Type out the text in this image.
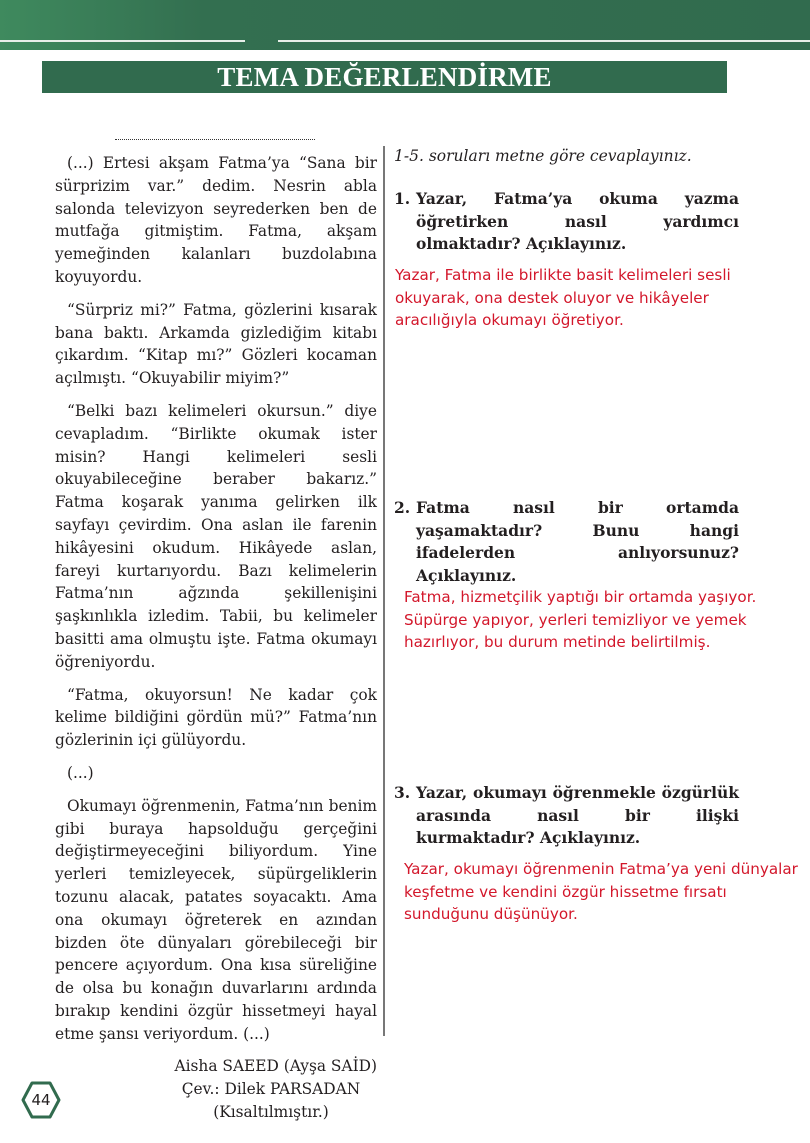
TEMA DEĞERLENDİRME

(...) Ertesi akşam Fatma’ya “Sana bir sürprizim var.” dedim. Nesrin abla salonda televizyon seyrederken ben de mutfağa gitmiştim. Fatma, akşam yemeğinden kalanları buzdolabına koyuyordu.

“Sürpriz mi?” Fatma, gözlerini kısarak bana baktı. Arkamda gizlediğim kitabı çıkardım. “Kitap mı?” Gözleri kocaman açılmıştı. “Okuyabilir miyim?”

“Belki bazı kelimeleri okursun.” diye cevapladım. “Birlikte okumak ister misin? Hangi kelimeleri sesli okuyabileceğine beraber bakarız.” Fatma koşarak yanıma gelirken ilk sayfayı çevirdim. Ona aslan ile farenin hikâyesini okudum. Hikâyede aslan, fareyi kurtarıyordu. Bazı kelimelerin Fatma’nın ağzında şekillenişini şaşkınlıkla izledim. Tabii, bu kelimeler basitti ama olmuştu işte. Fatma okumayı öğreniyordu.

“Fatma, okuyorsun! Ne kadar çok kelime bildiğini gördün mü?” Fatma’nın gözlerinin içi gülüyordu.

(...)

Okumayı öğrenmenin, Fatma’nın benim gibi buraya hapsolduğu gerçeğini değiştirmeyeceğini biliyordum. Yine yerleri temizleyecek, süpürgeliklerin tozunu alacak, patates soyacaktı. Ama ona okumayı öğreterek en azından bizden öte dünyaları görebileceği bir pencere açıyordum. Ona kısa süreliğine de olsa bu konağın duvarlarını ardında bırakıp kendini özgür hissetmeyi hayal etme şansı veriyordum. (...)

Aisha SAEED (Ayşa SAİD)
Çev.: Dilek PARSADAN
(Kısaltılmıştır.)
1-5. soruları metne göre cevaplayınız.
1. Yazar, Fatma’ya okuma yazma öğretirken nasıl yardımcı olmaktadır? Açıklayınız.
Yazar, Fatma ile birlikte basit kelimeleri sesli okuyarak, ona destek oluyor ve hikâyeler aracılığıyla okumayı öğretiyor.
2. Fatma nasıl bir ortamda yaşamaktadır? Bunu hangi ifadelerden anlıyorsunuz? Açıklayınız.
Fatma, hizmetçilik yaptığı bir ortamda yaşıyor. Süpürge yapıyor, yerleri temizliyor ve yemek hazırlıyor, bu durum metinde belirtilmiş.
3. Yazar, okumayı öğrenmekle özgürlük arasında nasıl bir ilişki kurmaktadır? Açıklayınız.
Yazar, okumayı öğrenmenin Fatma’ya yeni dünyalar keşfetme ve kendini özgür hissetme fırsatı sunduğunu düşünüyor.
44
